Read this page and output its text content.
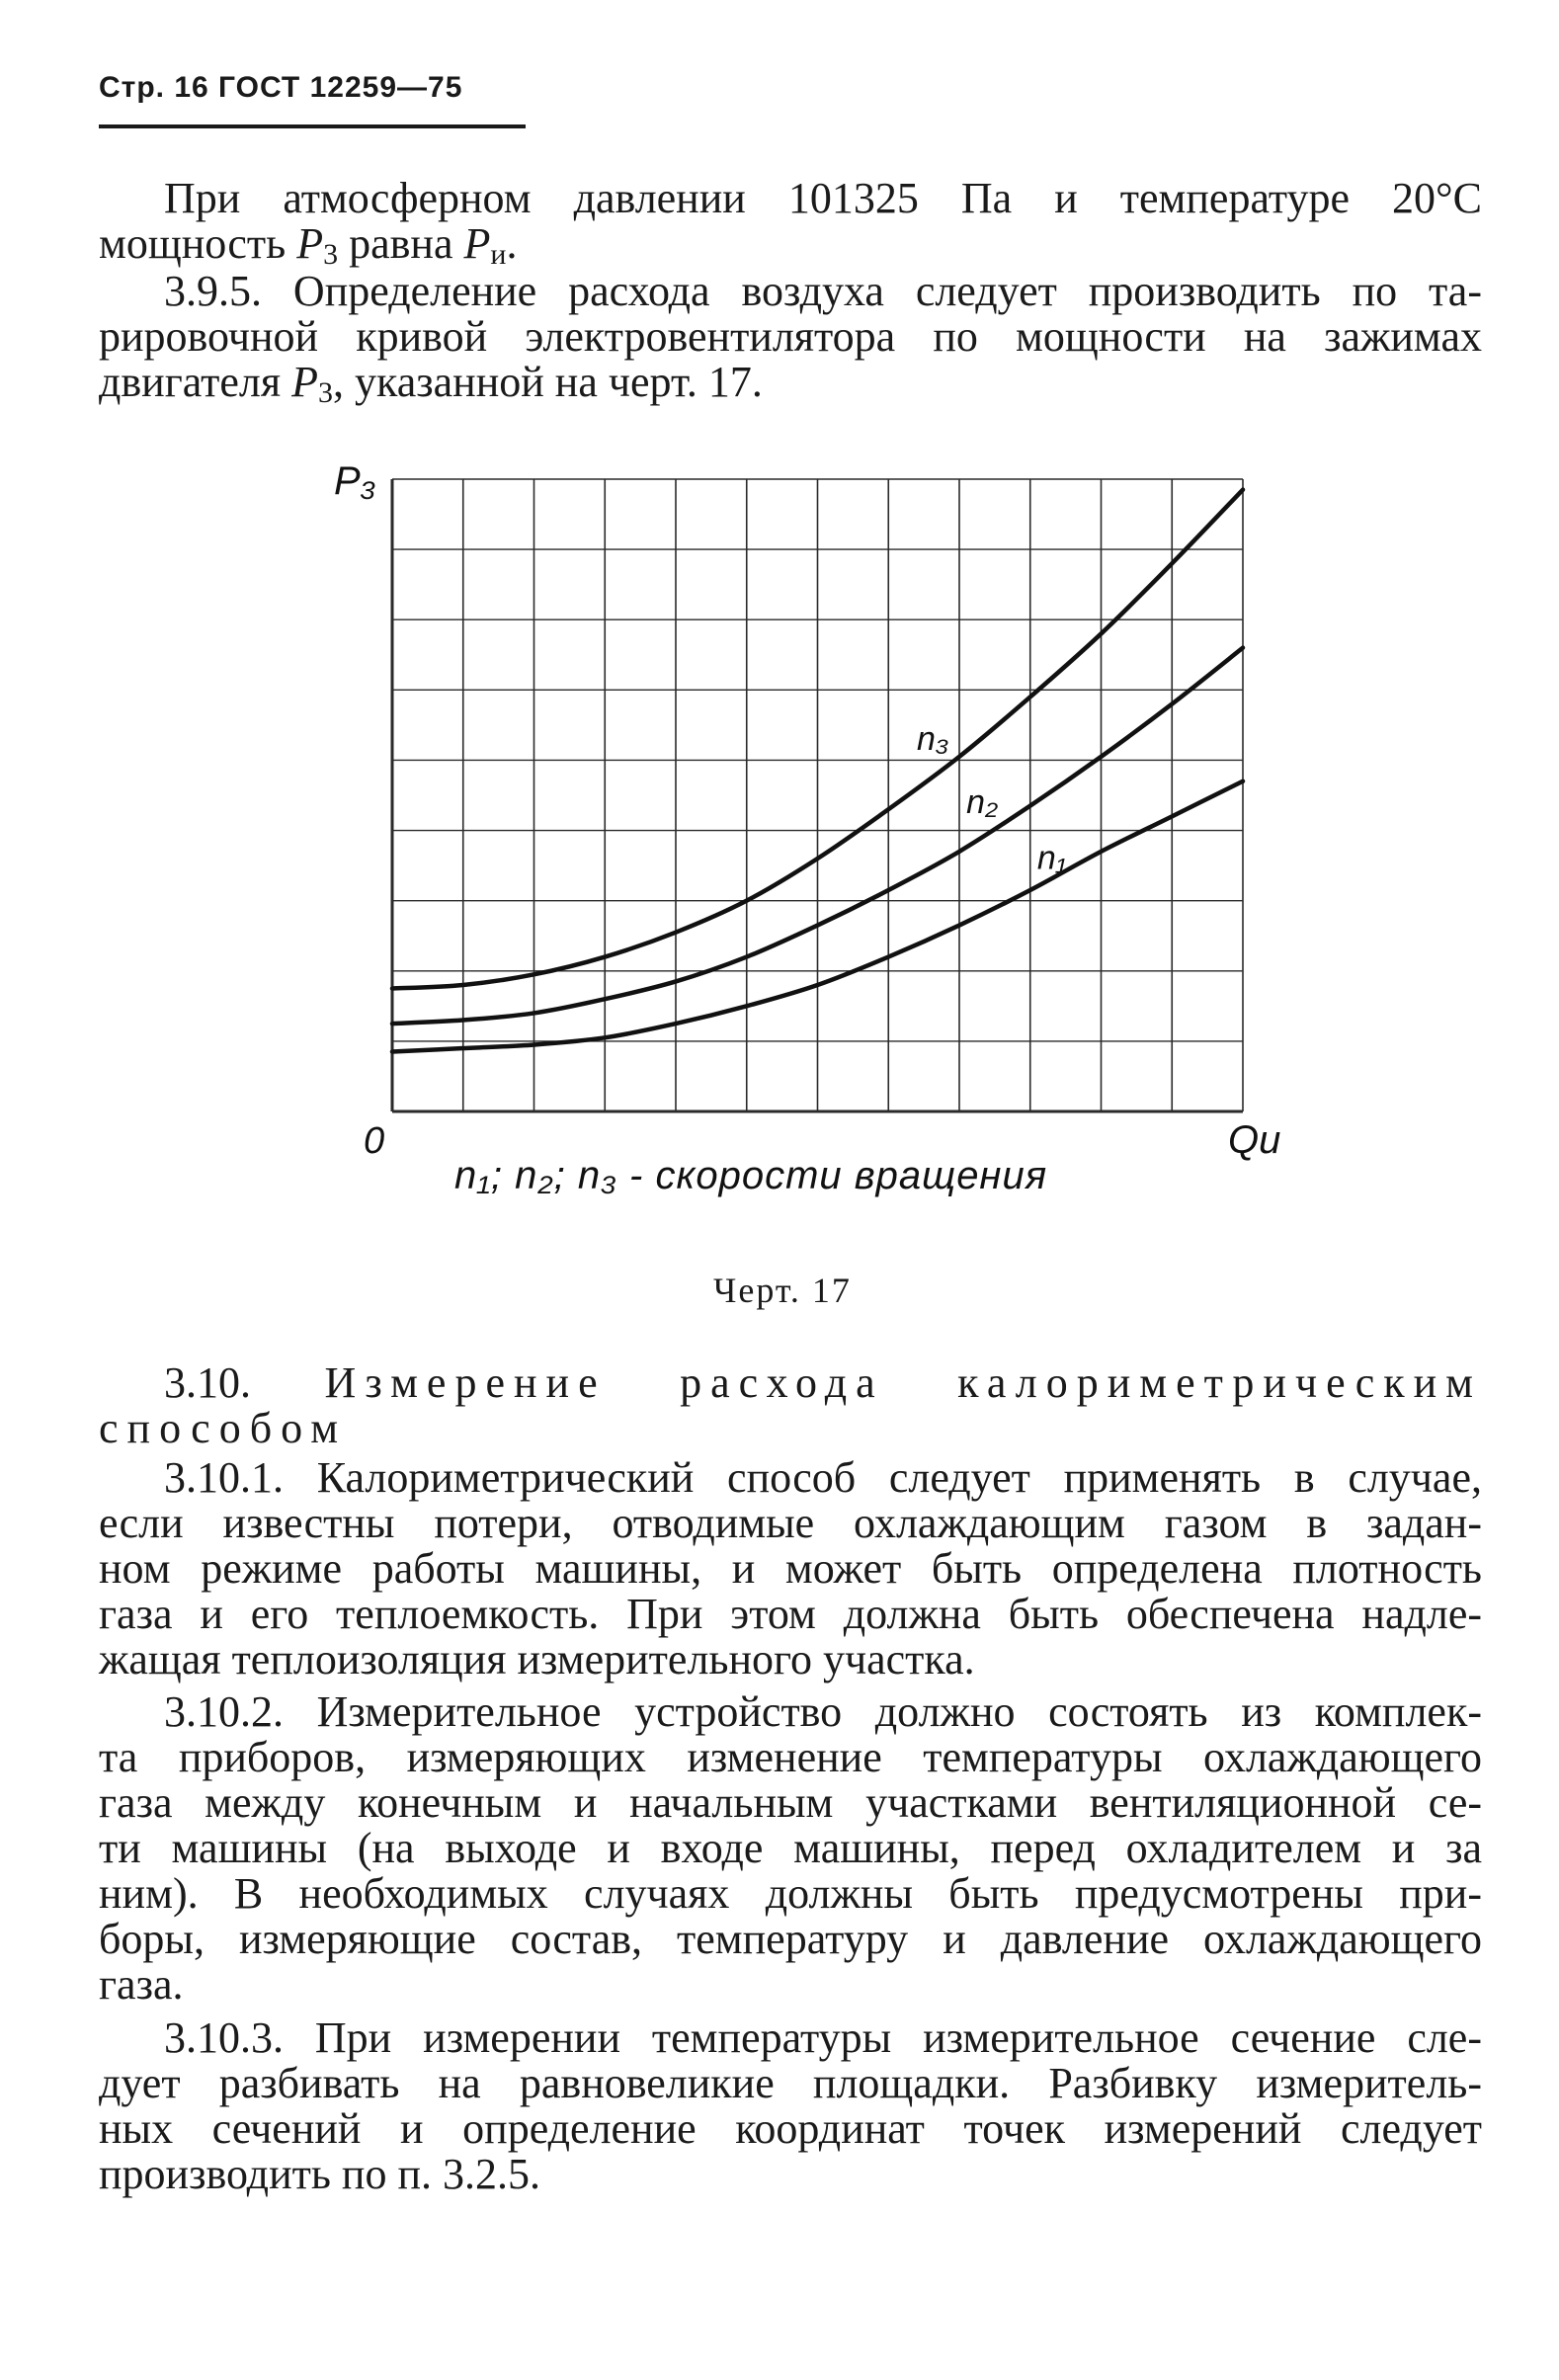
Стр. 16 ГОСТ 12259—75
При атмосферном давлении 101325 Па и температуре 20°С
мощность $P_3$ равна $P_и$.
3.9.5. Определение расхода воздуха следует производить по та-
рировочной кривой электровентилятора по мощности на зажимах
двигателя $P_3$, указанной на черт. 17.
n₃
n₂
n₁
P₃
0	Qи
n₁; n₂; n₃ - скорости вращения
Черт. 17
3.10. Измерение расхода калориметрическим
способом
3.10.1. Калориметрический способ следует применять в случае,
если известны потери, отводимые охлаждающим газом в задан-
ном режиме работы машины, и может быть определена плотность
газа и его теплоемкость. При этом должна быть обеспечена надле-
жащая теплоизоляция измерительного участка.
3.10.2. Измерительное устройство должно состоять из комплек-
та приборов, измеряющих изменение температуры охлаждающего
газа между конечным и начальным участками вентиляционной се-
ти машины (на выходе и входе машины, перед охладителем и за
ним). В необходимых случаях должны быть предусмотрены при-
боры, измеряющие состав, температуру и давление охлаждающего
газа.
3.10.3. При измерении температуры измерительное сечение сле-
дует разбивать на равновеликие площадки. Разбивку измеритель-
ных сечений и определение координат точек измерений следует
производить по п. 3.2.5.
